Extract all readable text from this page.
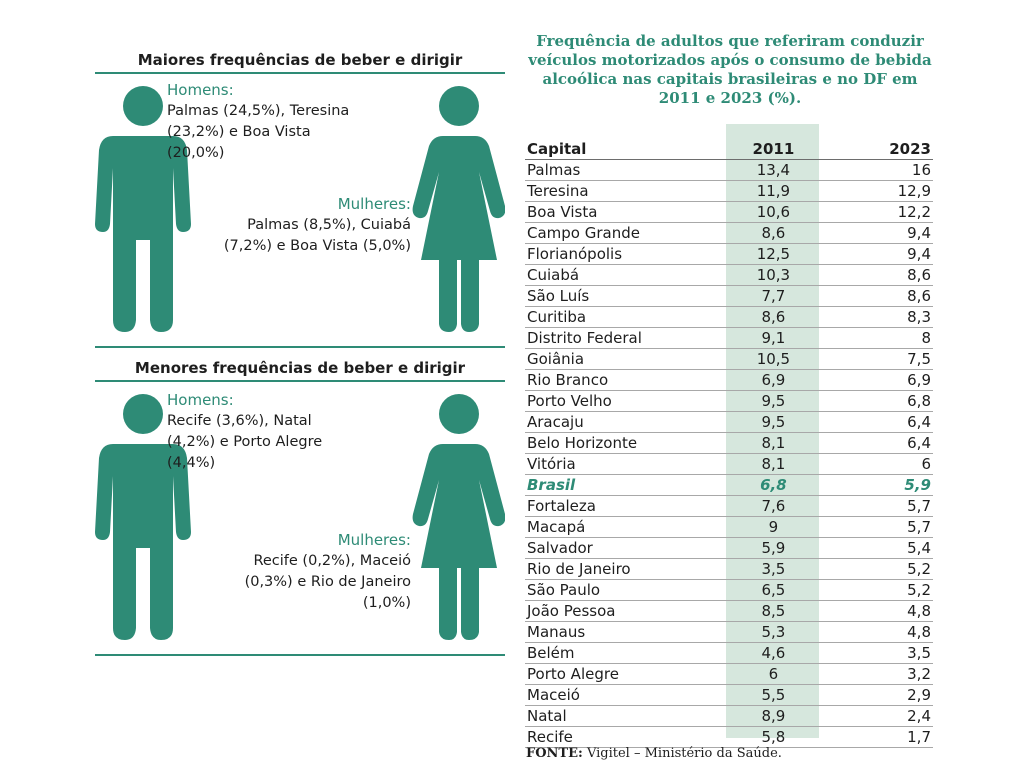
Maiores frequências de beber e dirigir
Homens:
Palmas (24,5%), Teresina (23,2%) e Boa Vista (20,0%)
Mulheres:
Palmas (8,5%), Cuiabá (7,2%) e Boa Vista (5,0%)
Menores frequências de beber e dirigir
Homens:
Recife (3,6%), Natal (4,2%) e Porto Alegre (4,4%)
Mulheres:
Recife (0,2%), Maceió (0,3%) e Rio de Janeiro (1,0%)
Frequência de adultos que referiram conduzir veículos motorizados após o consumo de bebida alcoólica nas capitais brasileiras e no DF em 2011 e 2023 (%).
Capital	2011	2023
Palmas	13,4	16
Teresina	11,9	12,9
Boa Vista	10,6	12,2
Campo Grande	8,6	9,4
Florianópolis	12,5	9,4
Cuiabá	10,3	8,6
São Luís	7,7	8,6
Curitiba	8,6	8,3
Distrito Federal	9,1	8
Goiânia	10,5	7,5
Rio Branco	6,9	6,9
Porto Velho	9,5	6,8
Aracaju	9,5	6,4
Belo Horizonte	8,1	6,4
Vitória	8,1	6
Brasil	6,8	5,9
Fortaleza	7,6	5,7
Macapá	9	5,7
Salvador	5,9	5,4
Rio de Janeiro	3,5	5,2
São Paulo	6,5	5,2
João Pessoa	8,5	4,8
Manaus	5,3	4,8
Belém	4,6	3,5
Porto Alegre	6	3,2
Maceió	5,5	2,9
Natal	8,9	2,4
Recife	5,8	1,7
FONTE: Vigitel – Ministério da Saúde.
